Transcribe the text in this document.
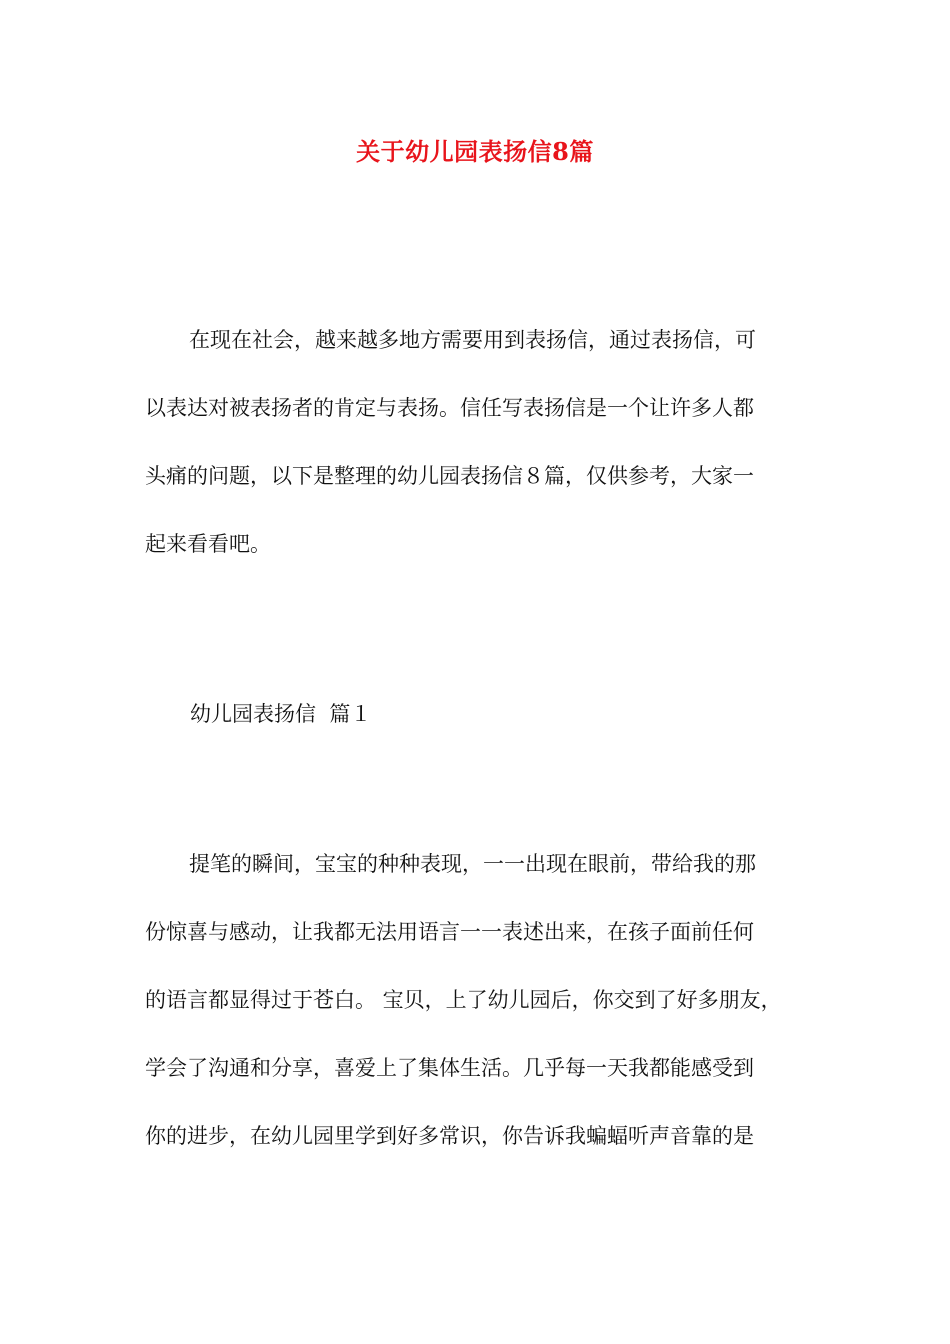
关于幼儿园表扬信8篇
在现在社会，越来越多地方需要用到表扬信，通过表扬信，可
以表达对被表扬者的肯定与表扬。信任写表扬信是一个让许多人都
头痛的问题，以下是整理的幼儿园表扬信８篇，仅供参考，大家一
起来看看吧。
幼儿园表扬信  篇１
提笔的瞬间，宝宝的种种表现，一一出现在眼前，带给我的那
份惊喜与感动，让我都无法用语言一一表述出来，在孩子面前任何
的语言都显得过于苍白。 宝贝，上了幼儿园后，你交到了好多朋友，
学会了沟通和分享，喜爱上了集体生活。几乎每一天我都能感受到
你的进步，在幼儿园里学到好多常识，你告诉我蝙蝠听声音靠的是
